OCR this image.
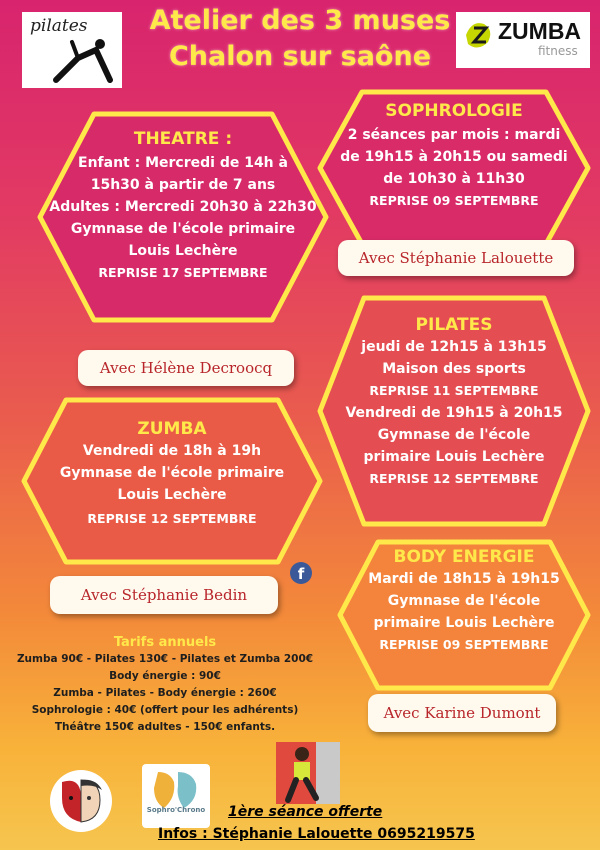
Atelier des 3 muses
Chalon sur saône
pilates	ZUMBA
fitness
THEATRE :
Enfant : Mercredi de 14h à
15h30 à partir de 7 ans
Adultes : Mercredi 20h30 à 22h30
Gymnase de l'école primaire
Louis Lechère
REPRISE 17 SEPTEMBRE
SOPHROLOGIE
2 séances par mois : mardi
de 19h15 à 20h15 ou samedi
de 10h30 à 11h30
REPRISE 09 SEPTEMBRE
Avec Stéphanie Lalouette
Avec Hélène Decroocq
PILATES
jeudi de 12h15 à 13h15
Maison des sports
REPRISE 11 SEPTEMBRE
Vendredi de 19h15 à 20h15
Gymnase de l'école
primaire Louis Lechère
REPRISE 12 SEPTEMBRE
ZUMBA
Vendredi de 18h à 19h
Gymnase de l'école primaire
Louis Lechère
REPRISE 12 SEPTEMBRE
Avec Stéphanie Bedin
f
BODY ENERGIE
Mardi de 18h15 à 19h15
Gymnase de l'école
primaire Louis Lechère
REPRISE 09 SEPTEMBRE
Avec Karine Dumont
Tarifs annuels
Zumba 90€ - Pilates 130€ - Pilates et Zumba 200€
Body énergie : 90€
Zumba - Pilates - Body énergie : 260€
Sophrologie : 40€ (offert pour les adhérents)
Théâtre 150€ adultes - 150€ enfants.
Sophro'Chrono	1ère séance offerte
Infos : Stéphanie Lalouette 0695219575
